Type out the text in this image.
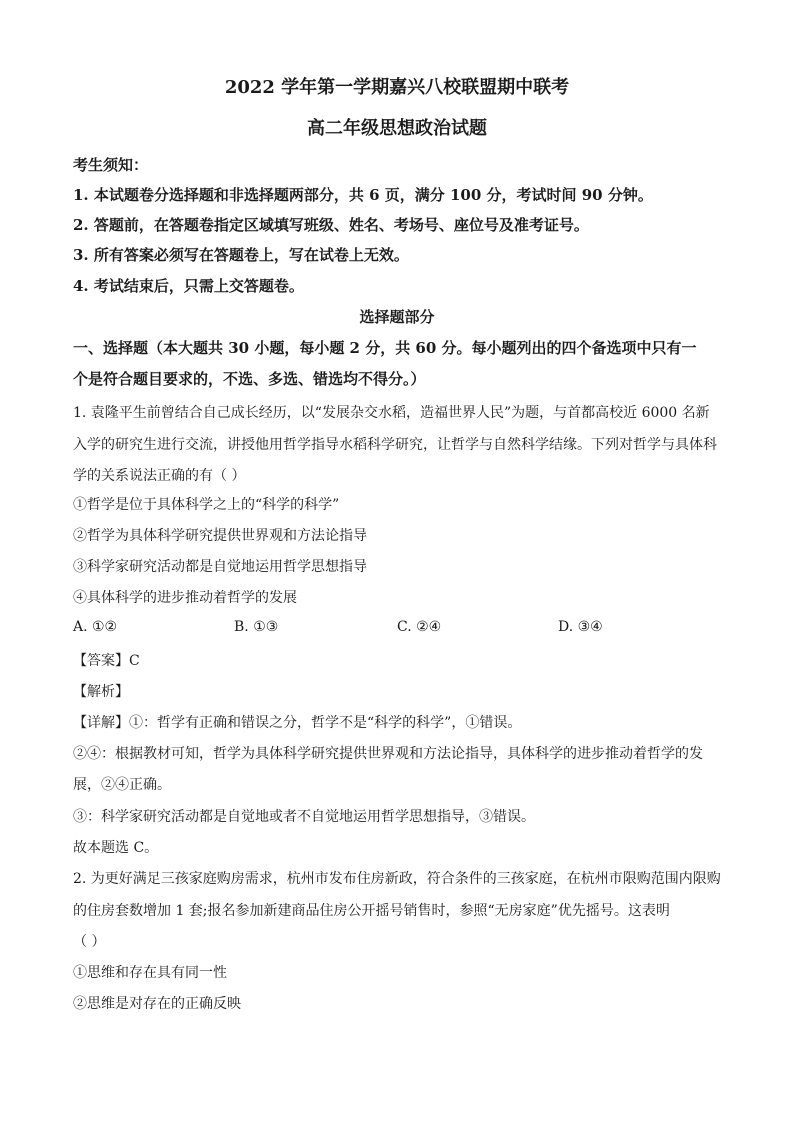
2022 学年第一学期嘉兴八校联盟期中联考
高二年级思想政治试题
考生须知：
1. 本试题卷分选择题和非选择题两部分，共 6 页，满分 100 分，考试时间 90 分钟。
2. 答题前，在答题卷指定区域填写班级、姓名、考场号、座位号及准考证号。
3. 所有答案必须写在答题卷上，写在试卷上无效。
4. 考试结束后，只需上交答题卷。
选择题部分
一、选择题（本大题共 30 小题，每小题 2 分，共 60 分。每小题列出的四个备选项中只有一
个是符合题目要求的，不选、多选、错选均不得分。）
1. 袁隆平生前曾结合自己成长经历，以“发展杂交水稻，造福世界人民”为题，与首都高校近 6000 名新
入学的研究生进行交流，讲授他用哲学指导水稻科学研究，让哲学与自然科学结缘。下列对哲学与具体科
学的关系说法正确的有（ ）
①哲学是位于具体科学之上的“科学的科学”
②哲学为具体科学研究提供世界观和方法论指导
③科学家研究活动都是自觉地运用哲学思想指导
④具体科学的进步推动着哲学的发展
A. ①②	B. ①③	C. ②④	D. ③④
【答案】C
【解析】
【详解】①：哲学有正确和错误之分，哲学不是“科学的科学”，①错误。
②④：根据教材可知，哲学为具体科学研究提供世界观和方法论指导，具体科学的进步推动着哲学的发
展，②④正确。
③：科学家研究活动都是自觉地或者不自觉地运用哲学思想指导，③错误。
故本题选 C。
2. 为更好满足三孩家庭购房需求，杭州市发布住房新政，符合条件的三孩家庭，在杭州市限购范围内限购
的住房套数增加 1 套;报名参加新建商品住房公开摇号销售时，参照“无房家庭”优先摇号。这表明
（ ）
①思维和存在具有同一性
②思维是对存在的正确反映
